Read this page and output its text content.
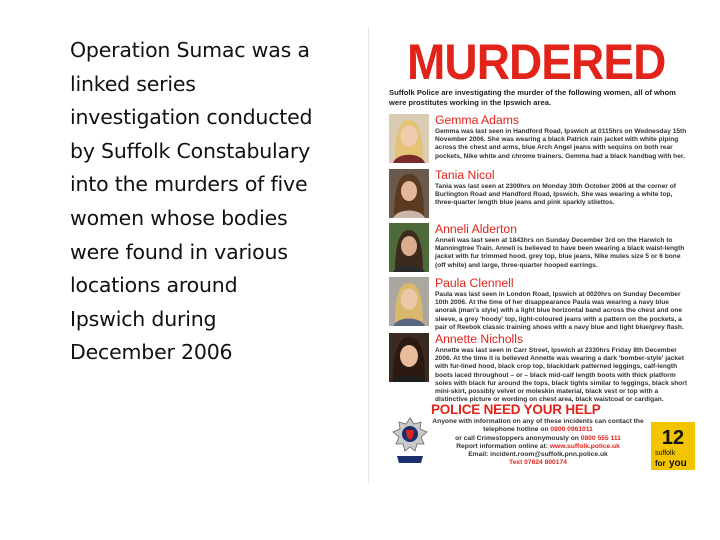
Operation Sumac was a
linked series
investigation conducted
by Suffolk Constabulary
into the murders of five
women whose bodies
were found in various
locations around
Ipswich during
December 2006
MURDERED
Suffolk Police are investigating the murder of the following women, all of whom were prostitutes working in the Ipswich area.
Gemma Adams
Gemma was last seen in Handford Road, Ipswich at 0115hrs on Wednesday 15th November 2006. She was wearing a black Patrick rain jacket with white piping across the chest and arms, blue Arch Angel jeans with sequins on both rear pockets, Nike white and chrome trainers. Gemma had a black handbag with her.
Tania Nicol
Tania was last seen at 2300hrs on Monday 30th October 2006 at the corner of Burlington Road and Handford Road, Ipswich. She was wearing a white top, three-quarter length blue jeans and pink sparkly stilettos.
Anneli Alderton
Anneli was last seen at 1843hrs on Sunday December 3rd on the Harwich to Manningtree Train. Anneli is believed to have been wearing a black waist-length jacket with fur trimmed hood, grey top, blue jeans, Nike mules size 5 or 6 bone (off white) and large, three-quarter hooped earrings.
Paula Clennell
Paula was last seen in London Road, Ipswich at 0020hrs on Sunday December 10th 2006. At the time of her disappearance Paula was wearing a navy blue anorak (man's style) with a light blue horizontal band across the chest and one sleeve, a grey 'hoody' top, light-coloured jeans with a pattern on the pockets, a pair of Reebok classic training shoes with a navy blue and light blue/grey flash.
Annette Nicholls
Annette was last seen in Carr Street, Ipswich at 2330hrs Friday 8th December 2006. At the time it is believed Annette was wearing a dark 'bomber-style' jacket with fur-lined hood, black crop top, black/dark patterned leggings, calf-length boots laced throughout – or – black mid-calf length boots with thick platform soles with black fur around the tops, black tights similar to leggings, black short mini-skirt, possibly velvet or moleskin material, black vest or top with a distinctive picture or wording on chest area, black waistcoat or cardigan.
POLICE NEED YOUR HELP
Anyone with information on any of these incidents can contact the
telephone hotline on 0800 0961011
or call Crimestoppers anonymously on 0800 555 111
Report information online at: www.suffolk.police.uk
Email: incident.room@suffolk.pnn.police.uk
Text 07624 800174
12
suffolk
for you
